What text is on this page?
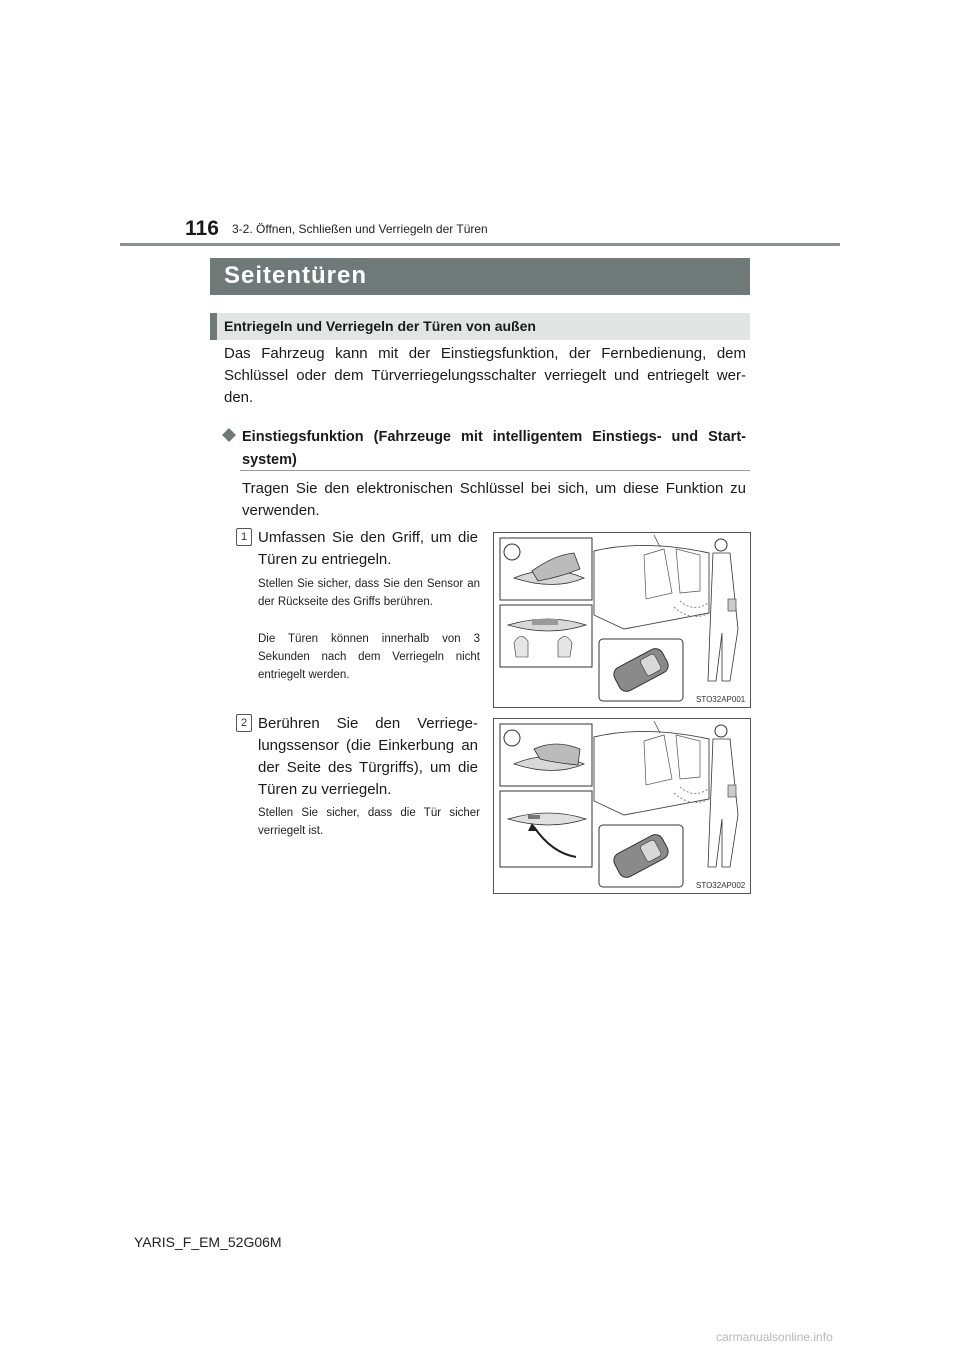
116 3-2. Öffnen, Schließen und Verriegeln der Türen
Seitentüren
Entriegeln und Verriegeln der Türen von außen
Das Fahrzeug kann mit der Einstiegsfunktion, der Fernbedienung, dem Schlüssel oder dem Türverriegelungsschalter verriegelt und entriegelt wer-den.
Einstiegsfunktion (Fahrzeuge mit intelligentem Einstiegs- und Start-system)
Tragen Sie den elektronischen Schlüssel bei sich, um diese Funktion zu verwenden.
1 Umfassen Sie den Griff, um die Türen zu entriegeln.
Stellen Sie sicher, dass Sie den Sensor an der Rückseite des Griffs berühren.
Die Türen können innerhalb von 3 Sekunden nach dem Verriegeln nicht entriegelt werden.
STO32AP001
2 Berühren Sie den Verriege-lungssensor (die Einkerbung an der Seite des Türgriffs), um die Türen zu verriegeln.
Stellen Sie sicher, dass die Tür sicher verriegelt ist.
STO32AP002
YARIS_F_EM_52G06M
carmanualsonline.info
